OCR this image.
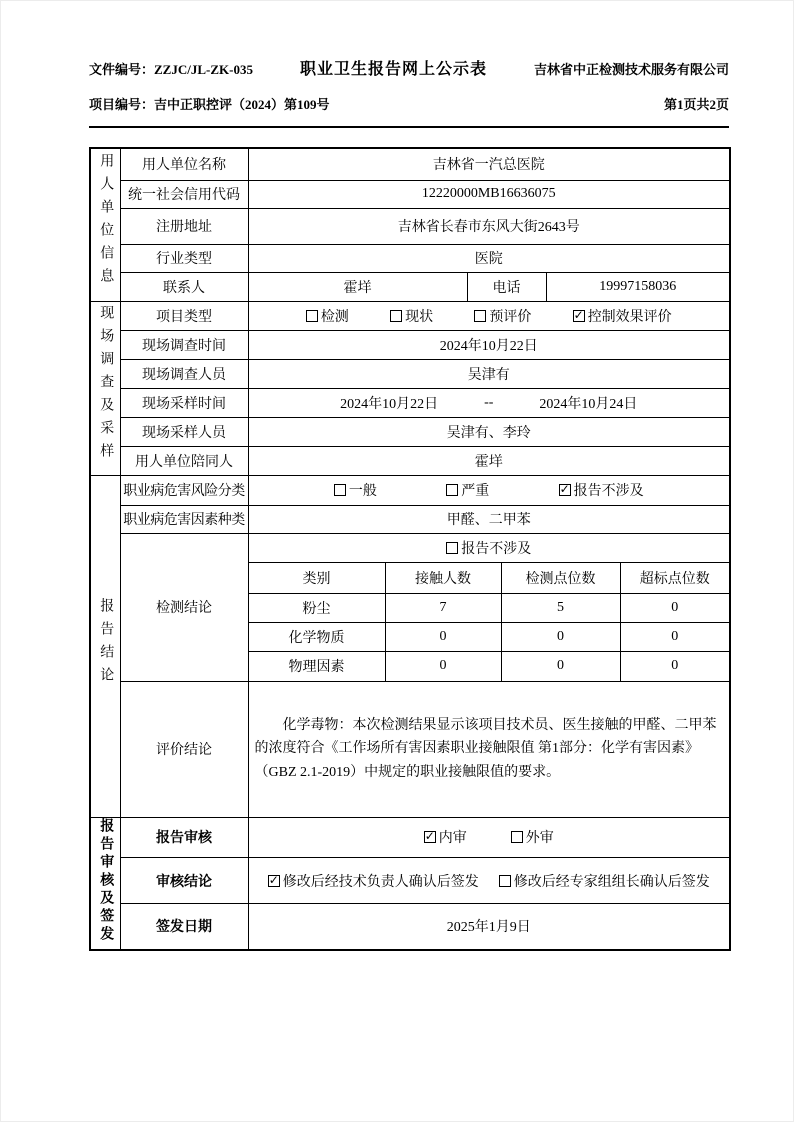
文件编号：ZZJC/JL-ZK-035	职业卫生报告网上公示表	吉林省中正检测技术服务有限公司
项目编号：吉中正职控评（2024）第109号	第1页共2页
用人单位信息	用人单位名称	吉林省一汽总医院					
	统一社会信用代码	12220000MB16636075					
	注册地址	吉林省长春市东风大街2643号					
	行业类型	医院					
	联系人	霍垟		电话		19997158036	
现场调查及采样	项目类型	检测 现状 预评价 ✓ 控制效果评价					

	现场调查时间	2024年10月22日					
	现场调查人员	吴津有					
	现场采样时间	2024年10月22日 -- 2024年10月24日					

	现场采样人员	吴津有、李玲					
	用人单位陪同人	霍垟					
报告结论	职业病危害风险分类	一般 严重 ✓ 报告不涉及					

	职业病危害因素种类	甲醛、二甲苯					
	检测结论	报告不涉及					

		类别	接触人数		检测点位数		超标点位数
		粉尘	7		5		0
		化学物质	0		0		0
		物理因素	0		0		0
	评价结论	化学毒物：本次检测结果显示该项目技术员、医生接触的甲醛、二甲苯的浓度符合《工作场所有害因素职业接触限值 第1部分：化学有害因素》（GBZ 2.1-2019）中规定的职业接触限值的要求。					

报告审核及签发	报告审核	✓ 内审 外审					

	审核结论	✓ 修改后经技术负责人确认后签发 修改后经专家组组长确认后签发					

	签发日期	2025年1月9日					
